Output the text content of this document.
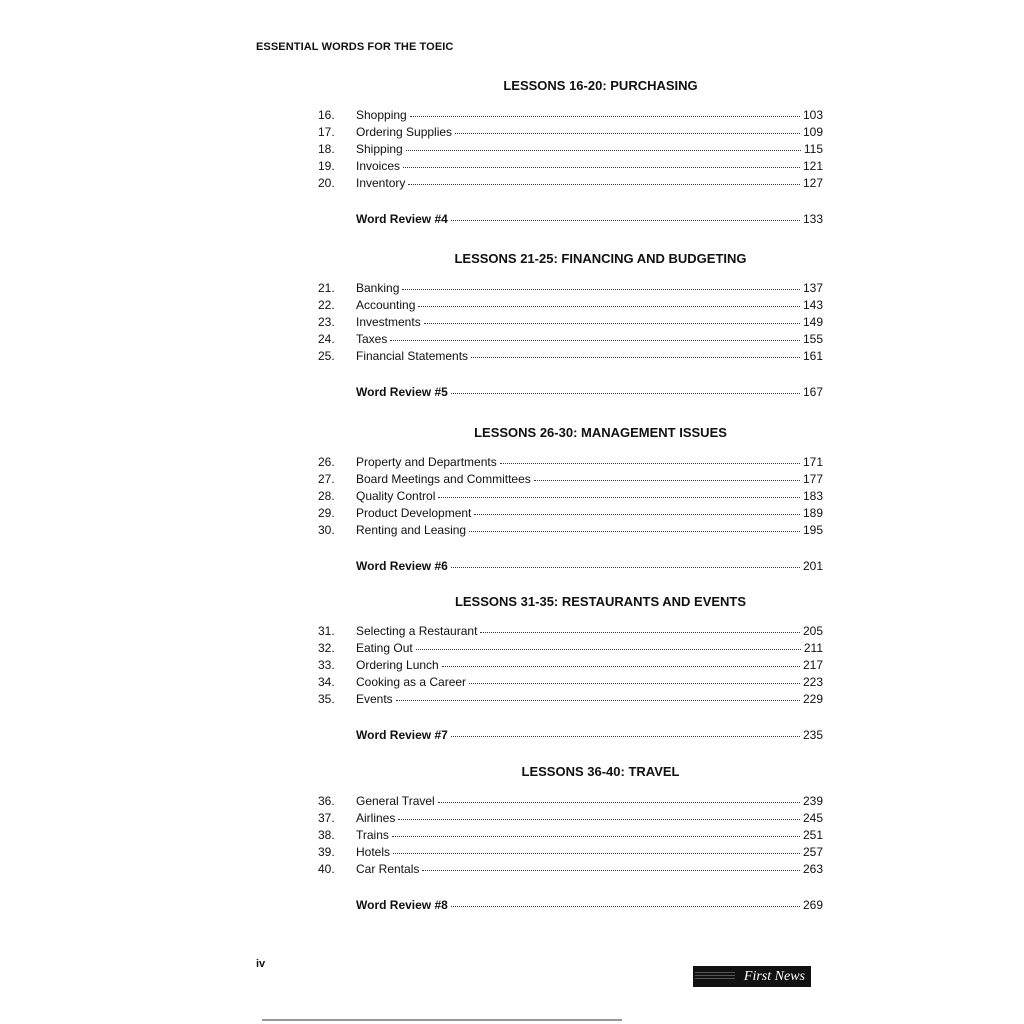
ESSENTIAL WORDS FOR THE TOEIC
LESSONS 16-20: PURCHASING
16.	Shopping	103
17.	Ordering Supplies	109
18.	Shipping	115
19.	Invoices	121
20.	Inventory	127
Word Review #4	133
LESSONS 21-25: FINANCING AND BUDGETING
21.	Banking	137
22.	Accounting	143
23.	Investments	149
24.	Taxes	155
25.	Financial Statements	161
Word Review #5	167
LESSONS 26-30: MANAGEMENT ISSUES
26.	Property and Departments	171
27.	Board Meetings and Committees	177
28.	Quality Control	183
29.	Product Development	189
30.	Renting and Leasing	195
Word Review #6	201
LESSONS 31-35: RESTAURANTS AND EVENTS
31.	Selecting a Restaurant	205
32.	Eating Out	211
33.	Ordering Lunch	217
34.	Cooking as a Career	223
35.	Events	229
Word Review #7	235
LESSONS 36-40: TRAVEL
36.	General Travel	239
37.	Airlines	245
38.	Trains	251
39.	Hotels	257
40.	Car Rentals	263
Word Review #8	269
iv
First News
